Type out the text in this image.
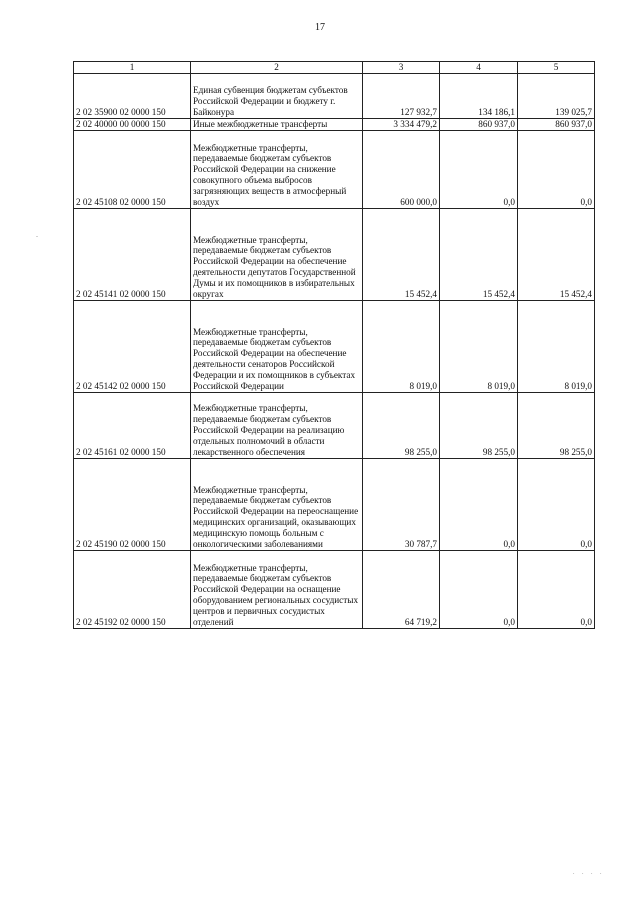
17
-
1	2	3	4	5
2 02 35900 02 0000 150	Единая субвенция бюджетам субъектов Российской Федерации и бюджету г. Байконура	127 932,7	134 186,1	139 025,7
2 02 40000 00 0000 150	Иные межбюджетные трансферты	3 334 479,2	860 937,0	860 937,0
2 02 45108 02 0000 150	Межбюджетные трансферты, передаваемые бюджетам субъектов Российской Федерации на снижение совокупного объема выбросов загрязняющих веществ в атмосферный воздух	600 000,0	0,0	0,0
2 02 45141 02 0000 150	Межбюджетные трансферты, передаваемые бюджетам субъектов Российской Федерации на обеспечение деятельности депутатов Государственной Думы и их помощников в избирательных округах	15 452,4	15 452,4	15 452,4
2 02 45142 02 0000 150	Межбюджетные трансферты, передаваемые бюджетам субъектов Российской Федерации на обеспечение деятельности сенаторов Российской Федерации и их помощников в субъектах Российской Федерации	8 019,0	8 019,0	8 019,0
2 02 45161 02 0000 150	Межбюджетные трансферты, передаваемые бюджетам субъектов Российской Федерации на реализацию отдельных полномочий в области лекарственного обеспечения	98 255,0	98 255,0	98 255,0
2 02 45190 02 0000 150	Межбюджетные трансферты, передаваемые бюджетам субъектов Российской Федерации на переоснащение медицинских организаций, оказывающих медицинскую помощь больным с онкологическими заболеваниями	30 787,7	0,0	0,0
2 02 45192 02 0000 150	Межбюджетные трансферты, передаваемые бюджетам субъектов Российской Федерации на оснащение оборудованием региональных сосудистых центров и первичных сосудистых отделений	64 719,2	0,0	0,0
. . . .
